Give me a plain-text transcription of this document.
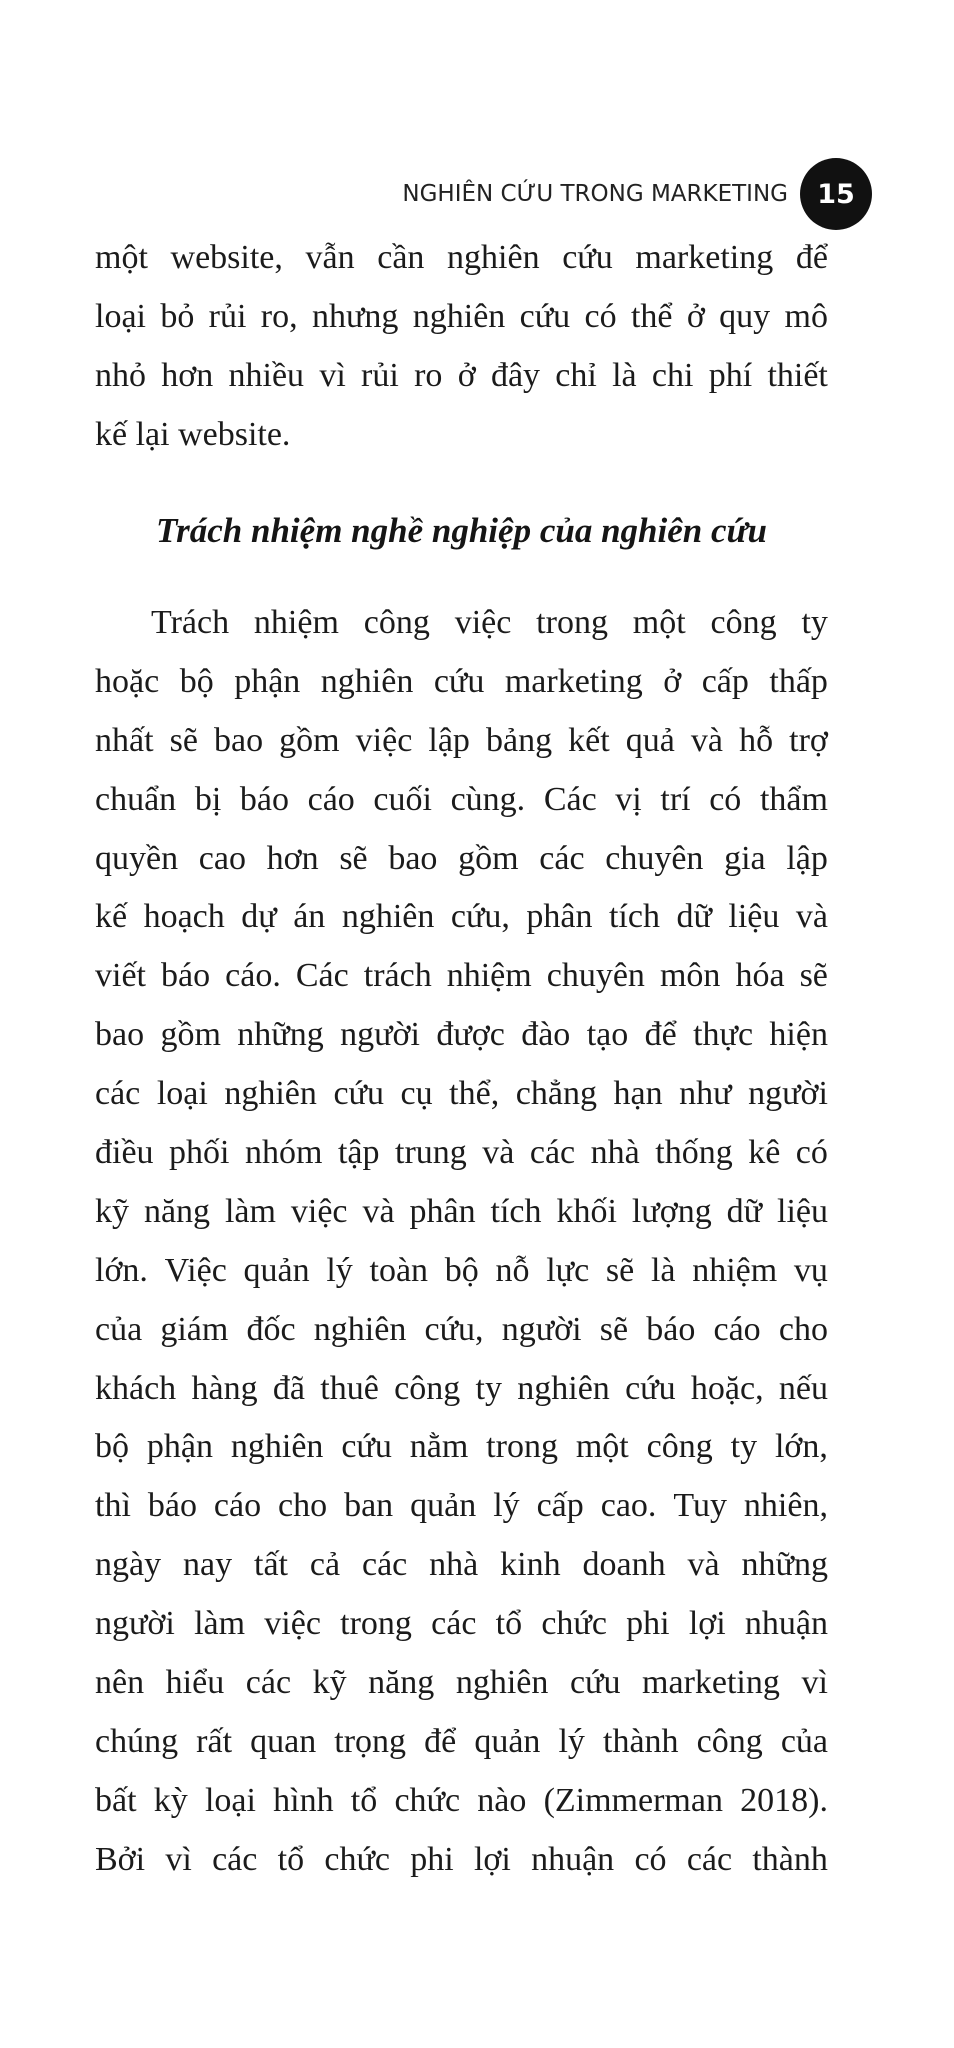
NGHIÊN CỨU TRONG MARKETING 15
một website, vẫn cần nghiên cứu marketing để
loại bỏ rủi ro, nhưng nghiên cứu có thể ở quy mô
nhỏ hơn nhiều vì rủi ro ở đây chỉ là chi phí thiết
kế lại website.
Trách nhiệm nghề nghiệp của nghiên cứu
Trách nhiệm công việc trong một công ty
hoặc bộ phận nghiên cứu marketing ở cấp thấp
nhất sẽ bao gồm việc lập bảng kết quả và hỗ trợ
chuẩn bị báo cáo cuối cùng. Các vị trí có thẩm
quyền cao hơn sẽ bao gồm các chuyên gia lập
kế hoạch dự án nghiên cứu, phân tích dữ liệu và
viết báo cáo. Các trách nhiệm chuyên môn hóa sẽ
bao gồm những người được đào tạo để thực hiện
các loại nghiên cứu cụ thể, chẳng hạn như người
điều phối nhóm tập trung và các nhà thống kê có
kỹ năng làm việc và phân tích khối lượng dữ liệu
lớn. Việc quản lý toàn bộ nỗ lực sẽ là nhiệm vụ
của giám đốc nghiên cứu, người sẽ báo cáo cho
khách hàng đã thuê công ty nghiên cứu hoặc, nếu
bộ phận nghiên cứu nằm trong một công ty lớn,
thì báo cáo cho ban quản lý cấp cao. Tuy nhiên,
ngày nay tất cả các nhà kinh doanh và những
người làm việc trong các tổ chức phi lợi nhuận
nên hiểu các kỹ năng nghiên cứu marketing vì
chúng rất quan trọng để quản lý thành công của
bất kỳ loại hình tổ chức nào (Zimmerman 2018).
Bởi vì các tổ chức phi lợi nhuận có các thành
